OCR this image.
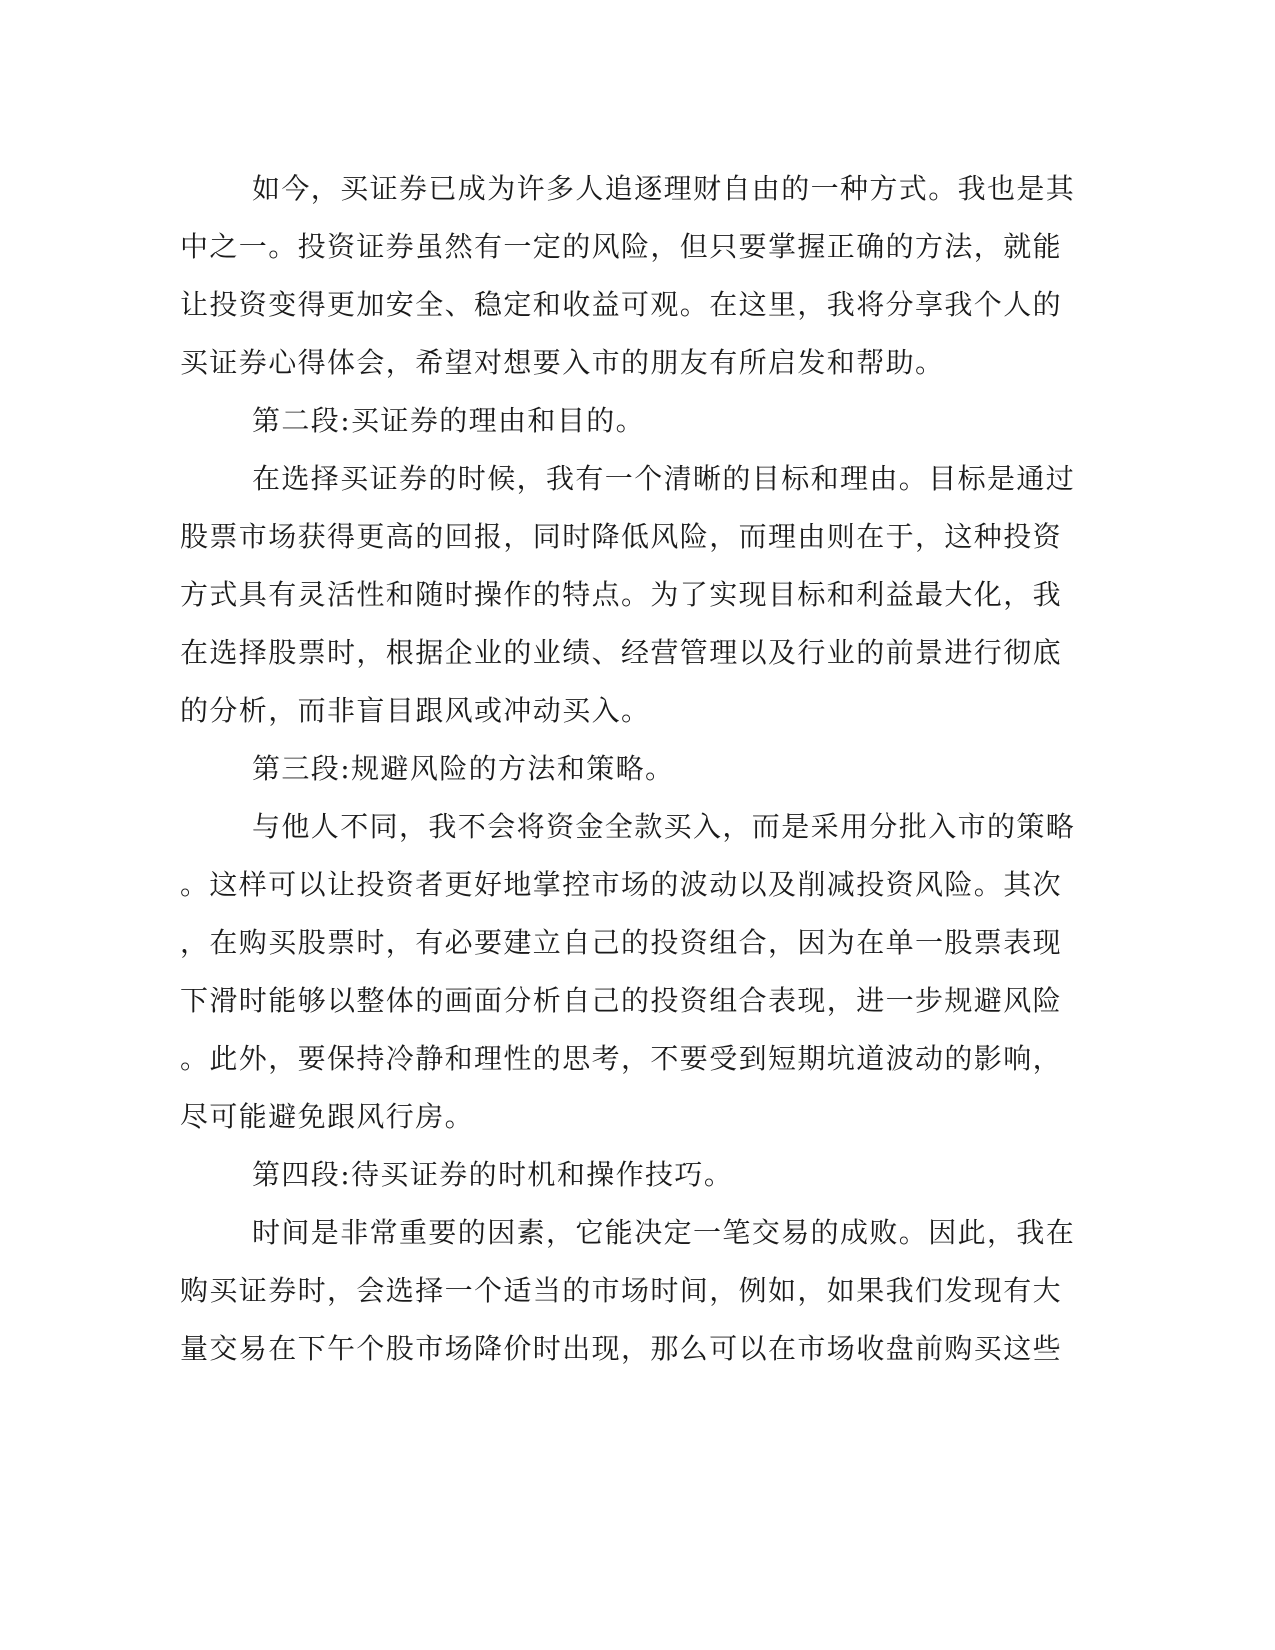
如今，买证券已成为许多人追逐理财自由的一种方式。我也是其
中之一。投资证券虽然有一定的风险，但只要掌握正确的方法，就能
让投资变得更加安全、稳定和收益可观。在这里，我将分享我个人的
买证券心得体会，希望对想要入市的朋友有所启发和帮助。
第二段:买证券的理由和目的。
在选择买证券的时候，我有一个清晰的目标和理由。目标是通过
股票市场获得更高的回报，同时降低风险，而理由则在于，这种投资
方式具有灵活性和随时操作的特点。为了实现目标和利益最大化，我
在选择股票时，根据企业的业绩、经营管理以及行业的前景进行彻底
的分析，而非盲目跟风或冲动买入。
第三段:规避风险的方法和策略。
与他人不同，我不会将资金全款买入，而是采用分批入市的策略
。这样可以让投资者更好地掌控市场的波动以及削减投资风险。其次
，在购买股票时，有必要建立自己的投资组合，因为在单一股票表现
下滑时能够以整体的画面分析自己的投资组合表现，进一步规避风险
。此外，要保持冷静和理性的思考，不要受到短期坑道波动的影响，
尽可能避免跟风行房。
第四段:待买证券的时机和操作技巧。
时间是非常重要的因素，它能决定一笔交易的成败。因此，我在
购买证券时，会选择一个适当的市场时间，例如，如果我们发现有大
量交易在下午个股市场降价时出现，那么可以在市场收盘前购买这些
